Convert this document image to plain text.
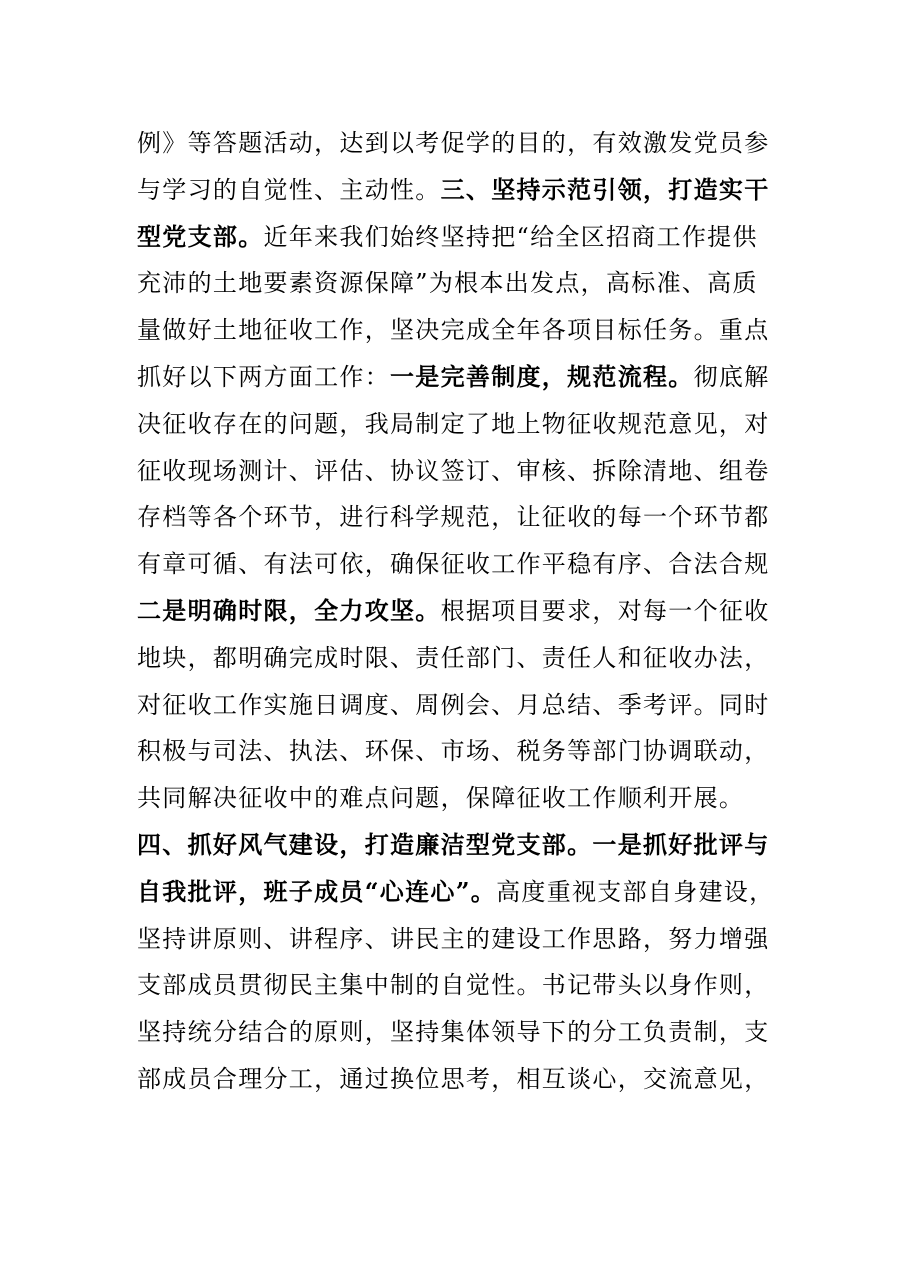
例》等答题活动，达到以考促学的目的，有效激发党员参
与学习的自觉性、主动性。三、坚持示范引领，打造实干
型党支部。近年来我们始终坚持把“给全区招商工作提供
充沛的土地要素资源保障”为根本出发点，高标准、高质
量做好土地征收工作，坚决完成全年各项目标任务。重点
抓好以下两方面工作：一是完善制度，规范流程。彻底解
决征收存在的问题，我局制定了地上物征收规范意见，对
征收现场测计、评估、协议签订、审核、拆除清地、组卷
存档等各个环节，进行科学规范，让征收的每一个环节都
有章可循、有法可依，确保征收工作平稳有序、合法合规
二是明确时限，全力攻坚。根据项目要求，对每一个征收
地块，都明确完成时限、责任部门、责任人和征收办法，
对征收工作实施日调度、周例会、月总结、季考评。同时
积极与司法、执法、环保、市场、税务等部门协调联动，
共同解决征收中的难点问题，保障征收工作顺利开展。
四、抓好风气建设，打造廉洁型党支部。一是抓好批评与
自我批评，班子成员“心连心”。高度重视支部自身建设，
坚持讲原则、讲程序、讲民主的建设工作思路，努力增强
支部成员贯彻民主集中制的自觉性。书记带头以身作则，
坚持统分结合的原则，坚持集体领导下的分工负责制，支
部成员合理分工，通过换位思考，相互谈心，交流意见，
